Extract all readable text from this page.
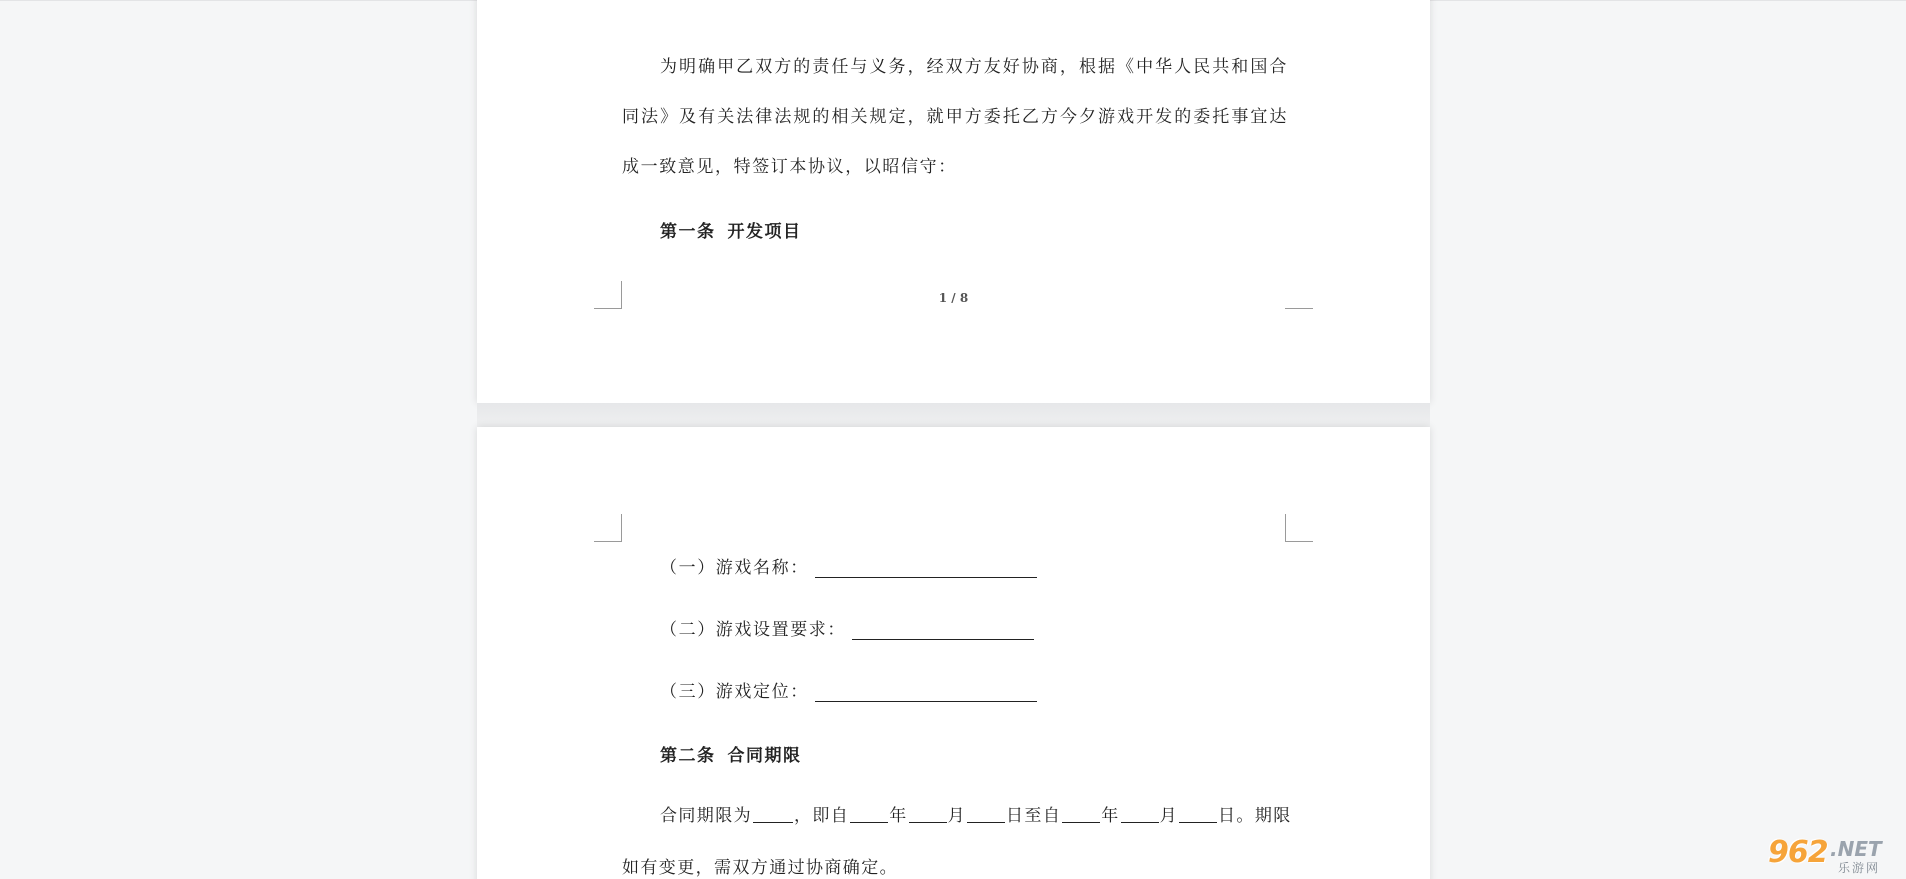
为明确甲乙双方的责任与义务，经双方友好协商，根据《中华人民共和国合同法》及有关法律法规的相关规定，就甲方委托乙方今夕游戏开发的委托事宜达成一致意见，特签订本协议，以昭信守：

第一条 开发项目
1 / 8
（一）游戏名称：
（二）游戏设置要求：
（三）游戏定位：
第二条 合同期限
合同期限为 ，即自 年 月 日至自 年 月 日。期限如有变更，需双方通过协商确定。	962 .NET
乐游网
